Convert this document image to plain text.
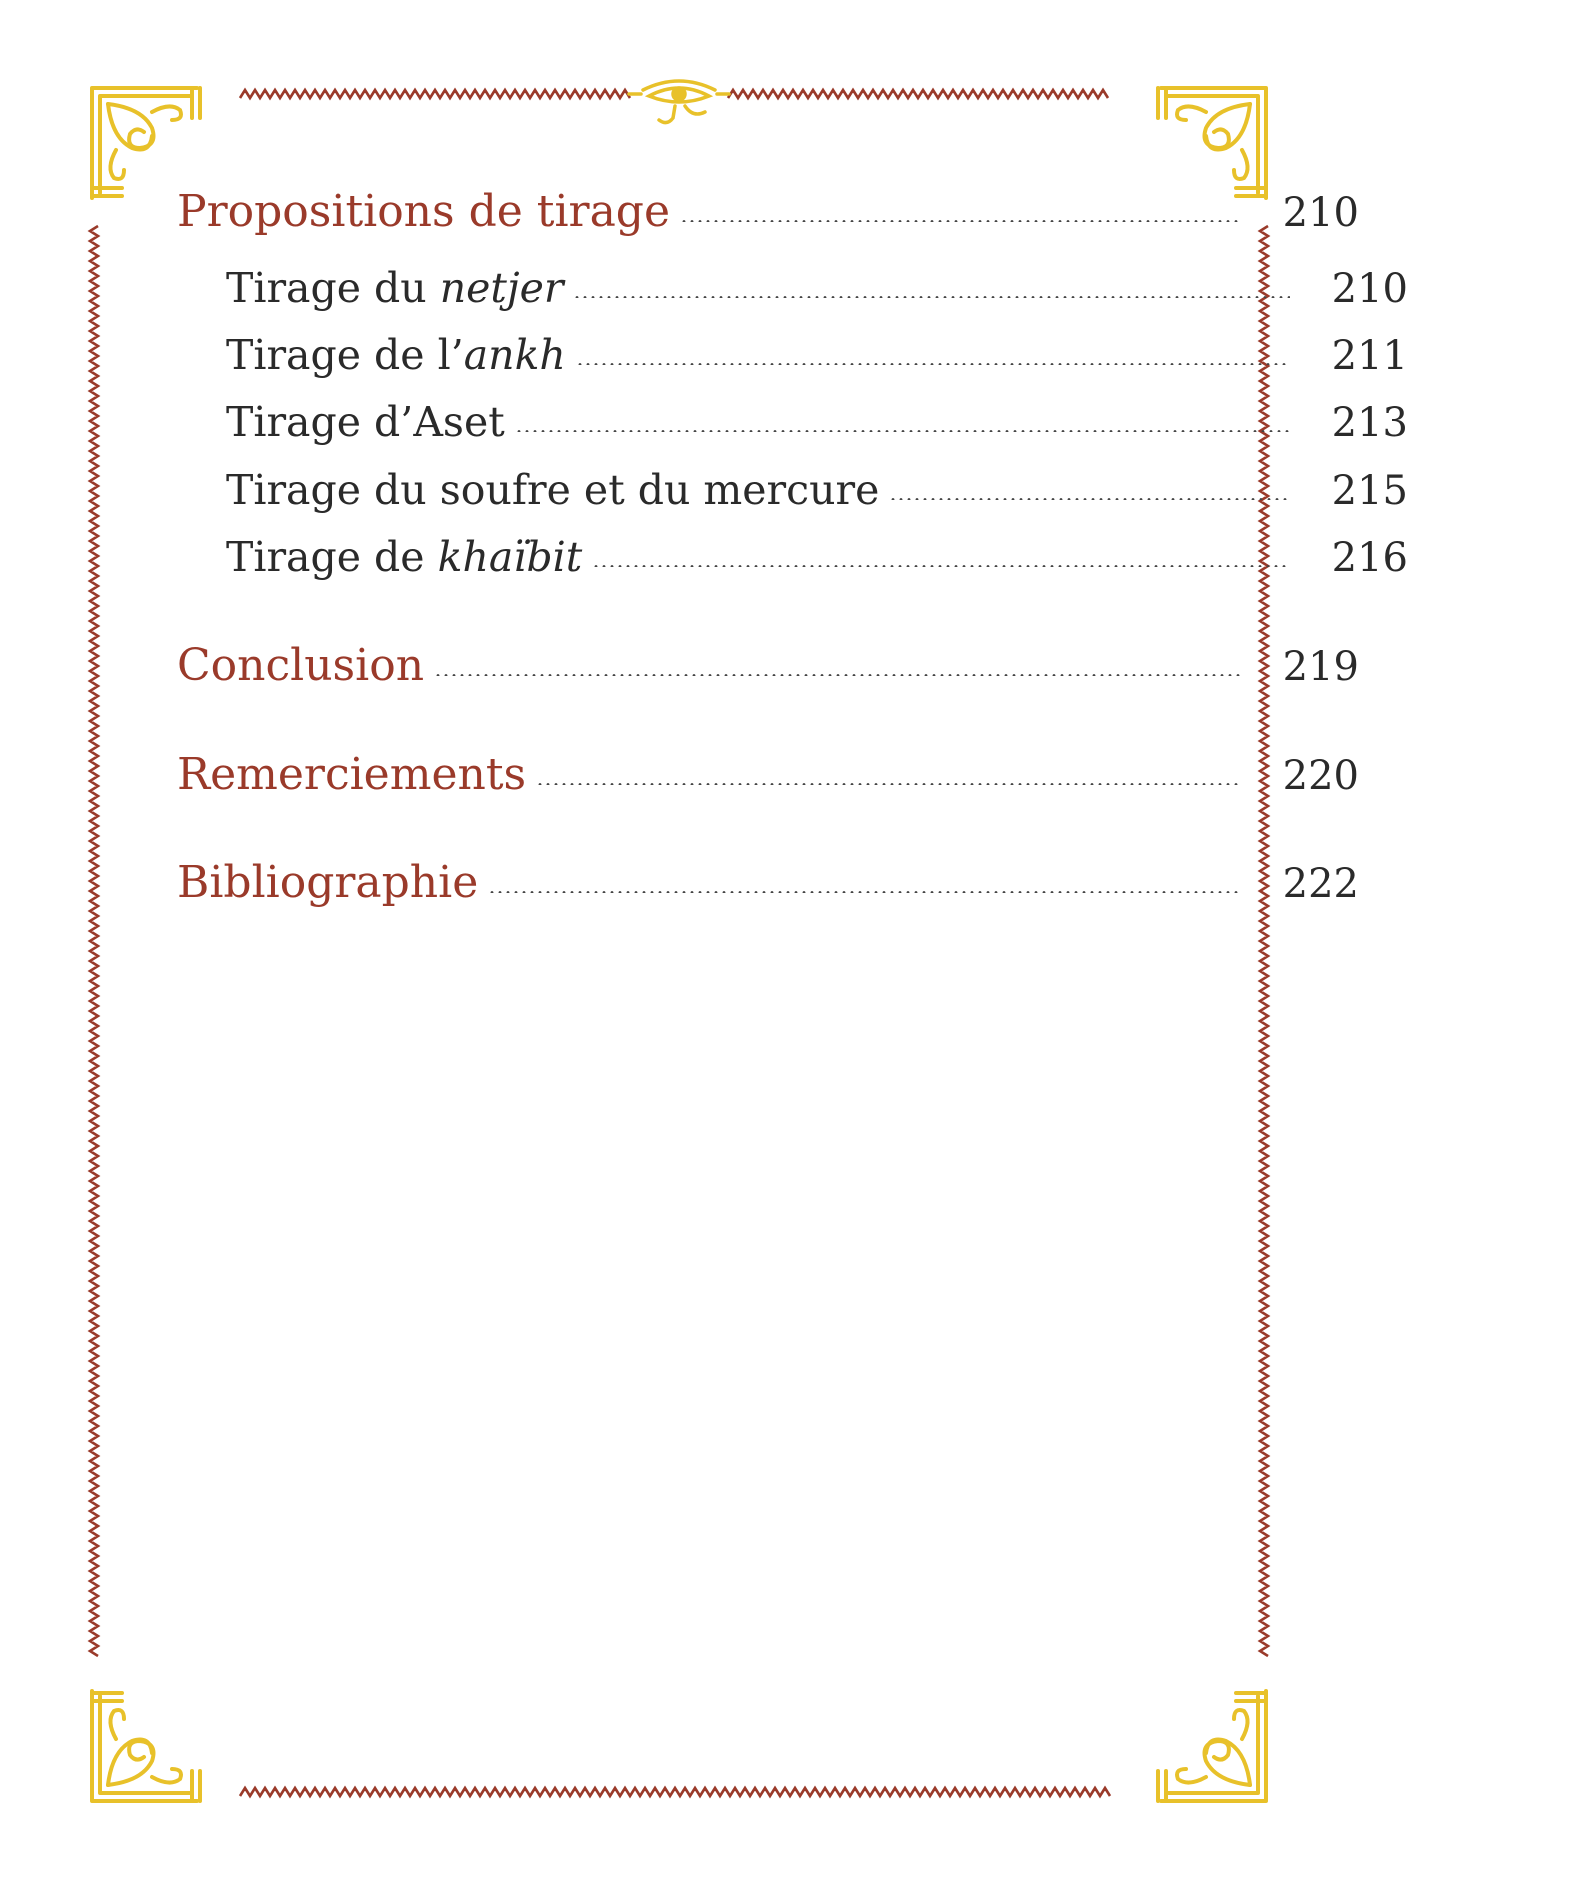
Propositions de tirage	210
Tirage du netjer	210
Tirage de l’ankh	211
Tirage d’Aset	213
Tirage du soufre et du mercure	215
Tirage de khaïbit	216
Conclusion	219
Remerciements	220
Bibliographie	222
